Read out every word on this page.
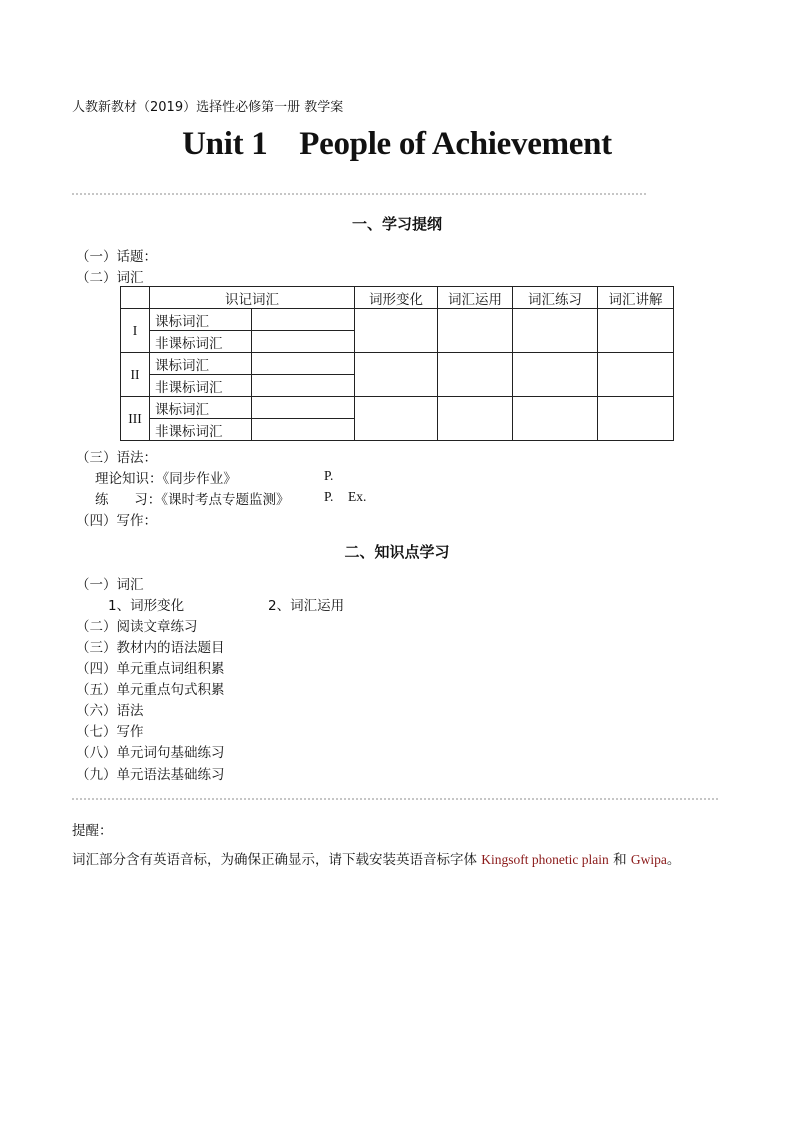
人教新教材（2019）选择性必修第一册 教学案
Unit 1    People of Achievement
一、学习提纲
（一）话题：
（二）词汇
	识记词汇		词形变化	词汇运用	词汇练习	词汇讲解
I	课标词汇					
	非课标词汇					
II	课标词汇					
	非课标词汇					
III	课标词汇					
	非课标词汇					
（三）语法：
理论知识：《同步作业》	P.
练      习：《课时考点专题监测》	P. Ex.
（四）写作：
二、知识点学习
（一）词汇
1、词形变化	2、词汇运用
（二）阅读文章练习
（三）教材内的语法题目
（四）单元重点词组积累
（五）单元重点句式积累
（六）语法
（七）写作
（八）单元词句基础练习
（九）单元语法基础练习
提醒：
词汇部分含有英语音标，为确保正确显示，请下载安装英语音标字体 Kingsoft phonetic plain 和 Gwipa。
